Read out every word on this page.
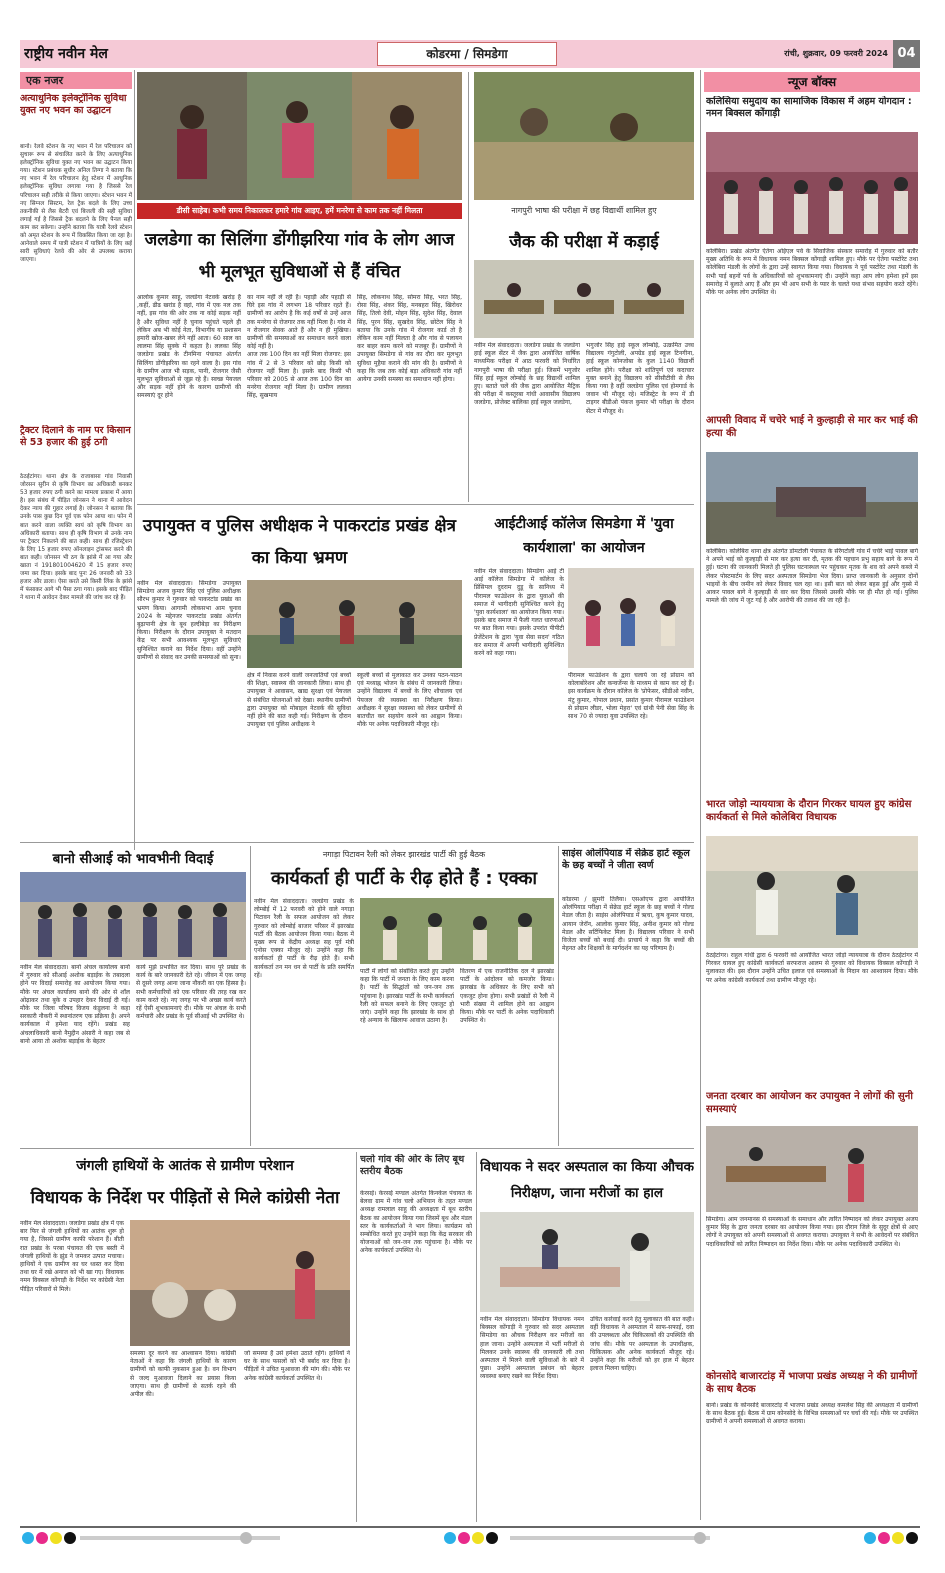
राष्ट्रीय नवीन मेल	कोडरमा / सिमडेगा	रांची, शुक्रवार, 09 फरवरी 2024 04
एक नजर
अत्याधुनिक इलेक्ट्रॉनिक सुविधा युक्त नए भवन का उद्घाटन
बानो। रेलवे स्टेशन के नए भवन में रेल परिचालन को सुचारू रूप से संचालित करने के लिए अत्याधुनिक इलेक्ट्रॉनिक सुविधा युक्त नए भवन का उद्घाटन किया गया। स्टेशन प्रबंधक सुधीर अनिल तिग्गा ने बताया कि नए भवन में रेल परिचालन हेतु स्टेशन में आधुनिक इलेक्ट्रॉनिक सुविधा लगाया गया है जिससे रेल परिचालन सही तरीके से किया जाएगा। स्टेशन भवन में नए सिग्नल सिस्टम, रेल ट्रैक बदले के लिए उच्च तकनीकी से लैस बैटरी एवं बिजली की सही सुविधा लगाई गई है जिससे ट्रैक बदलने के लिए पैनल सही काम कर सकेगा। उन्होंने बताया कि यात्री रेलवे स्टेशन को अमृत स्टेशन के रूप में विकसित किया जा रहा है। आनेवाले समय में यात्री स्टेशन में यात्रियों के लिए कई सारी सुविधाएं रेलवे की ओर से उपलब्ध कराया जाएगा।
ट्रैक्टर दिलाने के नाम पर किसान से 53 हजार की हुई ठगी
ठेठईटांगर। थाना क्षेत्र के राजाबासा गांव निवासी जोरसन सुरीन से कृषि विभाग का अधिकारी बनकर 53 हजार रुपए ठगी करने का मामला प्रकाश में आया है। इस संबंध में पीड़ित जोनसन ने थाना में आवेदन देकर न्याय की गुहार लगाई है। जोनसन ने बताया कि उनके पास कुछ दिन पूर्व एक फोन आया था। फोन में बात करने वाला व्यक्ति स्वयं को कृषि विभाग का अधिकारी बताया। साथ ही कृषि विभाग से उनके नाम पर ट्रैक्टर निकलने की बात कही। साथ ही रजिस्ट्रेशन के लिए 15 हजार रुपए ऑनलाइन ट्रांसफर करने की बात कही। जोनसन भी ठग के झांसे में आ गया और खाता नं 191801004620 में 15 हजार रुपए जमा कर दिया। इसके बाद पुनः 26 जनवरी को 33 हजार और डाला। ऐसा करते उसे किसी लिंक के झांसे में फंसाकर आगे भी पैसा ठगा गया। इसके बाद पीड़ित ने थाना में आवेदन देकर मामले की जांच कर रहे हैं।
डीसी साहेब। कभी समय निकालकर हमारे गांव आइए, हमें मनरेगा से काम तक नहीं मिलता	नागपुरी भाषा की परीक्षा में छह विद्यार्थी शामिल हुए
जलडेगा का सिलिंगा डोंगीझरिया गांव के लोग आज भी मूलभूत सुविधाओं से हैं वंचित
आलोक कुमार साहू, जलडेगा नेटवर्क खरांड़ है ,कहीं, ढीढ खरांड है वहां, गांव में एक नल तक नहीं, इस गांव की ओर तक ना कोई सड़क नहीं है और सुविधा नहीं है चुनाव पहुंचते पहले ही लेकिन अब भी कोई नेता, विभागीय या प्रशासन हमारी खोज-खबर लेने नहीं आता। 60 साल का लालमा सिंह सुक्के में कहता है। ललका सिंह जलडेगा प्रखंड के टीनमिना पंचायत अंतर्गत सिलिंगा डोंगीझरिया का रहने वाला है। इस गांव के ग्रामीण आज भी सड़क, पानी, रोजगार जैसी मूलभूत सुविधाओं से जूझ रहे हैं। स्वच्छ पेयजल और सड़क नहीं होने के कारण ग्रामीणों की समस्याएं दूर होने
का नाम नहीं ले रही है। पहाड़ी और पहाड़ी से घिरे इस गांव में लगभग 18 परिवार रहते हैं। ग्रामीणों का आरोप है कि कई वर्षों से उन्हें आज तक मनरेगा से रोजगार तक नहीं मिला है। गांव में न रोजगार सेवक आते हैं और न ही मुखिया। ग्रामीणों की समस्याओं का समाधान करने वाला कोई नहीं है।
आज तक 100 दिन का नहीं मिला रोजगार: इस गांव में 2 से 3 परिवार को छोड़ किसी को रोजगार नहीं मिला है। इसके बाद किसी भी परिवार को 2005 से आज तक 100 दिन का मनरेगा रोजगार नहीं मिला है। ग्रामीण ललका सिंह, सुखमाय
सिंह, लोकनाथ सिंह, सोमरा सिंह, भरत सिंह, रोसा सिंह, शंकर सिंह, मनबहरा सिंह, खिरोधर सिंह, तिलो देवी, मोहन सिंह, सुदेश सिंह, देवाल सिंह, पुरन सिंह, सुखदेव सिंह, छोटेल सिंह ने बताया कि उनके गांव में रोजगार कार्ड तो है लेकिन काम नहीं मिलता है और गांव से पलायन कर बाहर काम करने को मजबूर हैं। ग्रामीणों ने उपायुक्त सिमडेगा से गांव का दौरा कर मूलभूत सुविधा मुहैया कराने की मांग की है। ग्रामीणों ने कहा कि जब तक कोई बड़ा अधिकारी गांव नहीं आयेगा उनकी समस्या का समाधान नहीं होगा।
जैक की परीक्षा में कड़ाई
नवीन मेल संवाददाता। जलडेगा प्रखंड के जलडेगा हाई स्कूल सेंटर में जैक द्वारा आयोजित वार्षिक माध्यमिक परीक्षा में आठ फरवरी को निर्धारित नागपुरी भाषा की परीक्षा हुई। जिसमें भगुजोर सिंह हाई स्कूल लोम्बोई के छह विद्यार्थी शामिल हुए। बताते चलें की जैक द्वारा आयोजित मैट्रिक की परीक्षा में कस्तूरबा गांधी आवासीय विद्यालय जलडेगा, प्रोजेक्ट बालिका हाई स्कूल जलडेगा,
भगुजोर सिंह हाई स्कूल लोम्बोई, उत्क्रमित उच्च विद्यालय गंगुटोली, अपग्रेड हाई स्कूल टिनगीना, हाई स्कूल कोनजोबा के कुल 1140 विद्यार्थी शामिल होंगे। परीक्षा को शांतिपूर्ण एवं कदाचार मुक्त बनाने हेतु विद्यालय को सीसीटीवी से लैस किया गया है वहीं जलडेगा पुलिस एवं होमगार्ड के जवान भी मौजूद रहे। मजिस्ट्रेट के रूप में डी टाइगर बीडीओ पंकज कुमार भी परीक्षा के दौरान सेंटर में मौजूद थे।
उपायुक्त व पुलिस अधीक्षक ने पाकरटांड प्रखंड क्षेत्र का किया भ्रमण
नवीन मेल संवाददाता। सिमडेगा उपायुक्त सिमडेगा अजय कुमार सिंह एवं पुलिस अधीक्षक सौरभ कुमार ने गुरुवार को पाकरटांड प्रखंड का भ्रमण किया। आगामी लोकसभा आम चुनाव 2024 के मद्देनजर पाकरटांड प्रखंड अंतर्गत बुढ़ापानी क्षेत्र के बूथ हल्दीबेड़ा का निरीक्षण किया। निरीक्षण के दौरान उपायुक्त ने मतदान केंद्र पर सभी आवश्यक मूलभूत सुविधाएं सुनिश्चित कराने का निर्देश दिया। वहीं उन्होंने ग्रामीणों से संवाद कर उनकी समस्याओं को सुना।
क्षेत्र में निवास करने वाली जनजातियों एवं बच्चों की शिक्षा, स्वास्थ्य की जानकारी लिया। साथ ही उपायुक्त ने आवासन, खाद्य सुरक्षा एवं पेयजल से संबंधित योजनाओं को देखा। स्थानीय ग्रामीणों द्वारा उपायुक्त को मोबाइल नेटवर्क की सुविधा नहीं होने की बात कही गई। निरीक्षण के दौरान उपायुक्त एवं पुलिस अधीक्षक ने
स्कूली बच्चों से मुलाकात कर उनका पठन-पाठन एवं मध्याह्न भोजन के संबंध में जानकारी लिया। उन्होंने विद्यालय में बच्चों के लिए शौचालय एवं पेयजल की व्यवस्था का निरीक्षण किया। अधीक्षक ने सुरक्षा व्यवस्था को लेकर ग्रामीणों से बातचीत कर सहयोग करने का आह्वान किया। मौके पर अनेक पदाधिकारी मौजूद रहे।
आईटीआई कॉलेज सिमडेगा में 'युवा कार्यशाला' का आयोजन
नवीन मेल संवाददाता। सिमडेगा आई टी आई कॉलेज सिमडेगा में कॉलेज के प्रिंसिपल दुदराम दुडू के सानिध्य में पीरामल फाउंडेशन के द्वारा युवाओं की समाज में भागीदारी सुनिश्चित करने हेतु 'युवा कार्यशाला' का आयोजन किया गया। इसके बाद समाज में फैली गलत धारणाओं पर बात किया गया। इसके उपरांत पीपीटी प्रेजेंटेशन के द्वारा 'युवा सेवा सदन' गठित कर समाज में अपनी भागीदारी सुनिश्चित करने को कहा गया।
पीरामल फाउंडेशन के द्वारा चलाये जा रहे प्रोग्राम को कोलाबोरेशन और कन्वर्जेन्स के माध्यम से काम कर रहे हैं। इस कार्यक्रम के दौरान कॉलेज के 'प्रोफेसर, सीडीओ नवीन, मंटु कुमार, गोपाल प्रधान, प्रसांत कुमार पीरामल फाउंडेशन से प्रोग्राम लीडर, भोला मेहरा' एवं ग्रांथी पेनी सेवा सिंह के साथ 70 से ज्यादा युवा उपस्थित रहे।
बानो सीआई को भावभीनी विदाई
नवीन मेल संवाददाता। बानो अंचल कार्यालय बानो में गुरुवार को सीआई अशोक बड़ाईक के तबादला होने पर विदाई समारोह का आयोजन किया गया। मौके पर अंचल कार्यालय बानो की ओर से शॉल ओढ़ाकर तथा बुके व उपहार देकर विदाई दी गई। मौके पर जिला परिषद विजय कंडुलना ने कहा सरकारी नौकरी में स्थानांतरण एक प्रक्रिया है। अपने कार्यकाल में हमेशा याद रहेंगे। प्रखंड सह अंचलाधिकारी बानो नैमुद्दीन अंसारी ने कहा जब से बानो आया तो अशोक बड़ाईक के बेहतर
कार्य मुझे प्रभावित कर दिया। साथ पूरे प्रखंड के कार्य के बारे जानकारी देते रहे। जीवन में एक जगह से दूसरे जगह आना जाना नौकरी का एक हिस्सा है। सभी कर्मचारियों को एक परिवार की तरह रख कर काम करते रहे। नए जगह पर भी अच्छा कार्य करते रहें ऐसी शुभकामनाएं दी। मौके पर अंचल के सभी कर्मचारी और प्रखंड के पूर्व सीआई भी उपस्थित थे।
नगाड़ा पिटावन रैली को लेकर झारखंड पार्टी की हुई बैठक
कार्यकर्ता ही पार्टी के रीढ़ होते हैं : एक्का
नवीन मेल संवाददाता। जलडेगा प्रखंड के लोम्बोई में 12 फरवरी को होने वाले नगाड़ा पिटावन रैली के सफल आयोजन को लेकर गुरुवार को लोम्बोई बाजार परिसर में झारखंड पार्टी की बैठक आयोजन किया गया। बैठक में मुख्य रूप से केंद्रीय अध्यक्ष सह पूर्व मंत्री एनोस एक्का मौजूद रहे। उन्होंने कहा कि कार्यकर्ता ही पार्टी के रीढ़ होते हैं। सभी कार्यकर्ता तन मन धन से पार्टी के प्रति समर्पित रहें।
पार्टी में लोगों को संबोधित करते हुए उन्होंने कहा कि पार्टी में जनता के लिए काम करना है। पार्टी के सिद्धांतों को जन-जन तक पहुंचाना है। झारखंड पार्टी के सभी कार्यकर्ता रैली को सफल बनाने के लिए एकजुट हो जाएं। उन्होंने कहा कि झारखंड के साथ हो रहे अन्याय के खिलाफ आवाज उठाना है।
वितरण में एक राजनीतिक दल ने झारखंड पार्टी के आंदोलन को कमजोर किया। झारखंड के अधिकार के लिए सभी को एकजुट होना होगा। सभी प्रखंडों से रैली में भारी संख्या में शामिल होने का आह्वान किया। मौके पर पार्टी के अनेक पदाधिकारी उपस्थित थे।
साइंस ओलंपियाड में सेक्रेड हार्ट स्कूल के छह बच्चों ने जीता स्वर्ण
कोडरमा / झुमरी तिलैया। एसओएफ द्वारा आयोजित ओलंपियाड परीक्षा में सेक्रेड हार्ट स्कूल के छह बच्चों ने गोल्ड मेडल जीता है। साइंस ओलंपियाड में ऋचा, कुष कुमार यादव, आयान जेरॉन, आलोक कुमार सिंह, अनीश कुमार को गोल्ड मेडल और सर्टिफिकेट मिला है। विद्यालय परिवार ने सभी विजेता बच्चों को बधाई दी। प्राचार्य ने कहा कि बच्चों की मेहनत और शिक्षकों के मार्गदर्शन का यह परिणाम है।
जंगली हाथियों के आतंक से ग्रामीण परेशान
विधायक के निर्देश पर पीड़ितों से मिले कांग्रेसी नेता
नवीन मेल संवाददाता। जलडेगा प्रखंड क्षेत्र में एक बार फिर से जंगली हाथियों का आतंक शुरू हो गया है, जिससे ग्रामीण काफी परेशान हैं। बीती रात प्रखंड के परबा पंचायत की एक बस्ती में जंगली हाथियों के झुंड ने जमकर उत्पात मचाया। हाथियों ने एक ग्रामीण का घर ध्वस्त कर दिया तथा घर में रखे अनाज को भी खा गए। विधायक नमन विक्सल कोंगाड़ी के निर्देश पर कांग्रेसी नेता पीड़ित परिवारों से मिले।
समस्या दूर करने का आश्वासन दिया। कांग्रेसी नेताओं ने कहा कि जंगली हाथियों के कारण ग्रामीणों को काफी नुकसान हुआ है। वन विभाग से जल्द मुआवजा दिलाने का प्रयास किया जाएगा। साथ ही ग्रामीणों से सतर्क रहने की अपील की।
जो समस्या है उसे हमेशा उठाते रहेंगे। हाथियों ने घर के साथ फसलों को भी बर्बाद कर दिया है। पीड़ितों ने उचित मुआवजा की मांग की। मौके पर अनेक कांग्रेसी कार्यकर्ता उपस्थित थे।
चलो गांव की ओर के लिए बूथ स्तरीय बैठक
केरसई। केरसई मण्डल अंतर्गत किनकेल पंचायत के बेलवा ग्राम में गांव चलो अभियान के तहत मण्डल अध्यक्ष रामलाल साहु की अध्यक्षता में बूथ स्तरीय बैठक का आयोजन किया गया जिसमें बूथ और मंडल स्तर के कार्यकर्ताओं ने भाग लिया। कार्यक्रम को सम्बोधित करते हुए उन्होंने कहा कि केंद्र सरकार की योजनाओं को जन-जन तक पहुंचाना है। मौके पर अनेक कार्यकर्ता उपस्थित थे।
विधायक ने सदर अस्पताल का किया औचक निरीक्षण, जाना मरीजों का हाल
नवीन मेल संवाददाता। सिमडेगा विधायक नमन बिक्सल कोंगाड़ी ने गुरुवार को सदर अस्पताल सिमडेगा का औचक निरीक्षण कर मरीजों का हाल जाना। उन्होंने अस्पताल में भर्ती मरीजों से मिलकर उनके स्वास्थ्य की जानकारी ली तथा अस्पताल में मिलने वाली सुविधाओं के बारे में पूछा। उन्होंने अस्पताल प्रबंधन को बेहतर व्यवस्था बनाए रखने का निर्देश दिया।
उचित कार्रवाई करने हेतु मुलाकात की बात कही। वहीं विधायक ने अस्पताल में साफ-सफाई, दवा की उपलब्धता और चिकित्सकों की उपस्थिति की जांच की। मौके पर अस्पताल के उपाधीक्षक, चिकित्सक और अनेक कार्यकर्ता मौजूद रहे। उन्होंने कहा कि मरीजों को हर हाल में बेहतर इलाज मिलना चाहिए।
न्यूज बॉक्स
कलिसिया समुदाय का सामाजिक विकास में अहम योगदान : नमन बिक्सल कोंगाड़ी
कोलेबिरा। प्रखंड अंतर्गत ऐतेगा ओईएल पर्व के सिवाजिक संस्कार समारोह में गुरुवार को बतौर मुख्य अतिथि के रूप में विधायक नमन बिक्सल कोंगाड़ी शामिल हुए। मौके पर ऐतेगा पस्टोरेट तथा कोलेबिरा मंडली के लोगों के द्वारा उन्हें स्वागत किया गया। विधायक ने पूर्व पस्टोरेट तथा मंडली के सभी पाई बहनों पर्व के अधिकारियों को शुभकामनाएं दी। उन्होंने कहा आप लोग हमेशा हमें इस समारोह में बुलाते आए हैं और हम भी आप सभी के प्यार के चलते यथा संभव सहयोग करते रहेंगे। मौके पर अनेक लोग उपस्थित थे।
आपसी विवाद में चचेरे भाई ने कुल्हाड़ी से मार कर भाई की हत्या की
कोलेबिरा। कोलेबिरा थाना क्षेत्र अंतर्गत डोमटोली पंचायत के सेरेंगटोली गांव में चचेरे भाई पावल बागे ने अपने भाई को कुल्हाड़ी से मार कर हत्या कर दी, मृतक की पहचान प्रभु सहाय बागे के रूप में हुई। घटना की जानकारी मिलते ही पुलिस घटनास्थल पर पहुंचकर मृतक के शव को अपने कब्जे में लेकर पोस्टमार्टम के लिए सदर अस्पताल सिमडेगा भेज दिया। प्राप्त जानकारी के अनुसार दोनों भाइयों के बीच जमीन को लेकर विवाद चल रहा था। इसी बात को लेकर बहस हुई और गुस्से में आकर पावल बागे ने कुल्हाड़ी से वार कर दिया जिससे उसकी मौके पर ही मौत हो गई। पुलिस मामले की जांच में जुट गई है और आरोपी की तलाश की जा रही है।
भारत जोड़ो न्याययात्रा के दौरान गिरकर घायल हुए कांग्रेस कार्यकर्ता से मिले कोलेबिरा विधायक
ठेठईटांगर। राहुल गांधी द्वारा 6 फरवरी को आयोजित भारत जोड़ो न्याययात्रा के दौरान ठेठईटांगर में गिरकर घायल हुए कांग्रेसी कार्यकर्ता सरफराज आलम से गुरुवार को विधायक विक्सल कोंगाड़ी ने मुलाकात की। इस दौरान उन्होंने उचित इलाज एवं समस्याओं के निदान का आश्वासन दिया। मौके पर अनेक कांग्रेसी कार्यकर्ता तथा ग्रामीण मौजूद रहे।
जनता दरबार का आयोजन कर उपायुक्त ने लोगों की सुनी समस्याएं
सिमडेगा। आम जनमानस से समस्याओं के समाधान और त्वरित निष्पादन को लेकर उपायुक्त अजय कुमार सिंह के द्वारा जनता दरबार का आयोजन किया गया। इस दौरान जिले के सुदूर क्षेत्रों से आए लोगों ने उपायुक्त को अपनी समस्याओं से अवगत कराया। उपायुक्त ने सभी के आवेदनों पर संबंधित पदाधिकारियों को त्वरित निष्पादन का निर्देश दिया। मौके पर अनेक पदाधिकारी उपस्थित थे।
कोनसोदे बाजारटांड़ में भाजपा प्रखंड अध्यक्ष ने की ग्रामीणों के साथ बैठक
बानो। प्रखंड के कोनसोदे बाजारटांड़ में भाजपा प्रखंड अध्यक्ष कमलेश सिंह की अध्यक्षता में ग्रामीणों के साथ बैठक हुई। बैठक में ग्राम कोनसोदे के विभिन्न समस्याओं पर चर्चा की गई। मौके पर उपस्थित ग्रामीणों ने अपनी समस्याओं से अवगत कराया।
